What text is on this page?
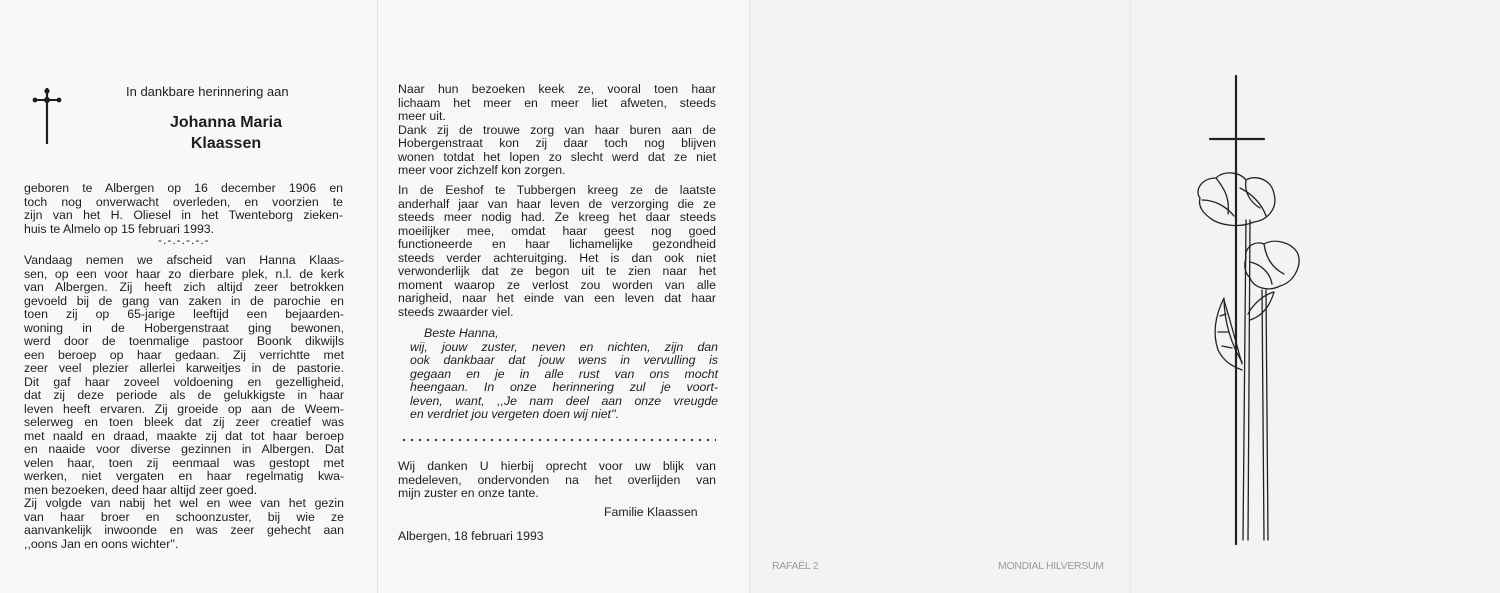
In dankbare herinnering aan
Johanna Maria
Klaassen

geboren te Albergen op 16 december 1906 en

toch nog onverwacht overleden, en voorzien te

zijn van het H. Oliesel in het Twenteborg zieken-

huis te Almelo op 15 februari 1993.

-.-.-.-.-.-

Vandaag nemen we afscheid van Hanna Klaas-

sen, op een voor haar zo dierbare plek, n.l. de kerk

van Albergen. Zij heeft zich altijd zeer betrokken

gevoeld bij de gang van zaken in de parochie en

toen zij op 65-jarige leeftijd een bejaarden-

woning in de Hobergenstraat ging bewonen,

werd door de toenmalige pastoor Boonk dikwijls

een beroep op haar gedaan. Zij verrichtte met

zeer veel plezier allerlei karweitjes in de pastorie.

Dit gaf haar zoveel voldoening en gezelligheid,

dat zij deze periode als de gelukkigste in haar

leven heeft ervaren. Zij groeide op aan de Weem-

selerweg en toen bleek dat zij zeer creatief was

met naald en draad, maakte zij dat tot haar beroep

en naaide voor diverse gezinnen in Albergen. Dat

velen haar, toen zij eenmaal was gestopt met

werken, niet vergaten en haar regelmatig kwa-

men bezoeken, deed haar altijd zeer goed.

Zij volgde van nabij het wel en wee van het gezin

van haar broer en schoonzuster, bij wie ze

aanvankelijk inwoonde en was zeer gehecht aan

,,oons Jan en oons wichter''.

Naar hun bezoeken keek ze, vooral toen haar

lichaam het meer en meer liet afweten, steeds

meer uit.

Dank zij de trouwe zorg van haar buren aan de

Hobergenstraat kon zij daar toch nog blijven

wonen totdat het lopen zo slecht werd dat ze niet

meer voor zichzelf kon zorgen.

In de Eeshof te Tubbergen kreeg ze de laatste

anderhalf jaar van haar leven de verzorging die ze

steeds meer nodig had. Ze kreeg het daar steeds

moeilijker mee, omdat haar geest nog goed

functioneerde en haar lichamelijke gezondheid

steeds verder achteruitging. Het is dan ook niet

verwonderlijk dat ze begon uit te zien naar het

moment waarop ze verlost zou worden van alle

narigheid, naar het einde van een leven dat haar

steeds zwaarder viel.

Beste Hanna,

wij, jouw zuster, neven en nichten, zijn dan

ook dankbaar dat jouw wens in vervulling is

gegaan en je in alle rust van ons mocht

heengaan. In onze herinnering zul je voort-

leven, want, ,,Je nam deel aan onze vreugde

en verdriet jou vergeten doen wij niet''.

Wij danken U hierbij oprecht voor uw blijk van

medeleven, ondervonden na het overlijden van

mijn zuster en onze tante.

Familie Klaassen
Albergen, 18 februari 1993
RAFAËL 2	MONDIAL HILVERSUM
